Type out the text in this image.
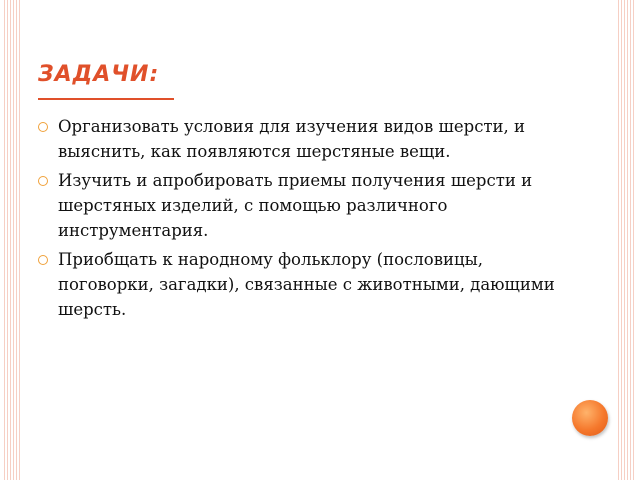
ЗАДАЧИ:
Организовать условия для изучения видов шерсти, и выяснить, как появляются шерстяные вещи.
Изучить и апробировать приемы получения шерсти и шерстяных изделий, с помощью различного инструментария.
Приобщать к народному фольклору (пословицы, поговорки, загадки), связанные с животными, дающими шерсть.
